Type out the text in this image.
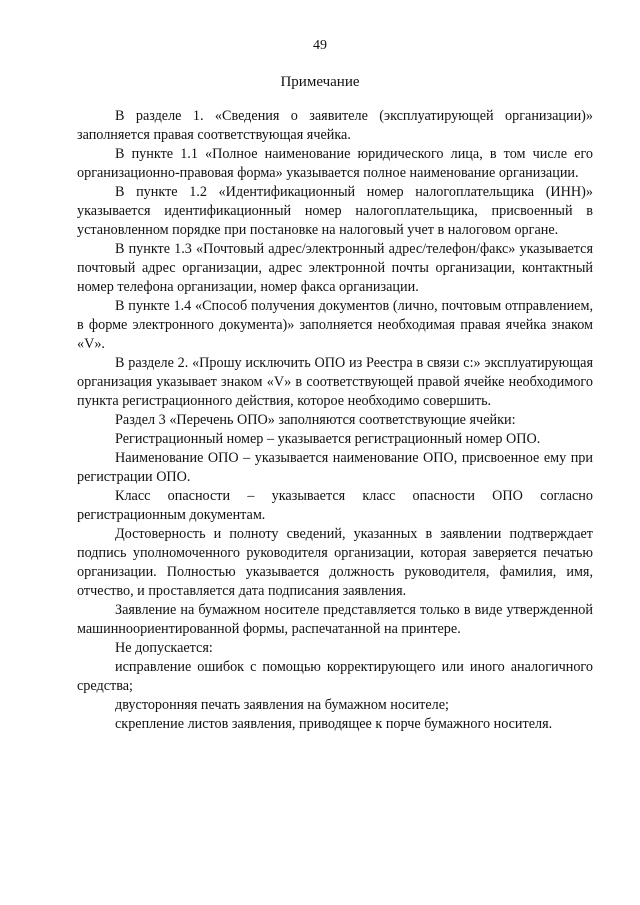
49
Примечание

В разделе 1. «Сведения о заявителе (эксплуатирующей организации)» заполняется правая соответствующая ячейка.

В пункте 1.1 «Полное наименование юридического лица, в том числе его организационно-правовая форма» указывается полное наименование организации.

В пункте 1.2 «Идентификационный номер налогоплательщика (ИНН)» указывается идентификационный номер налогоплательщика, присвоенный в установленном порядке при постановке на налоговый учет в налоговом органе.

В пункте 1.3 «Почтовый адрес/электронный адрес/телефон/факс» указывается почтовый адрес организации, адрес электронной почты организации, контактный номер телефона организации, номер факса организации.

В пункте 1.4 «Способ получения документов (лично, почтовым отправлением, в форме электронного документа)» заполняется необходимая правая ячейка знаком «V».

В разделе 2. «Прошу исключить ОПО из Реестра в связи с:» эксплуатирующая организация указывает знаком «V» в соответствующей правой ячейке необходимого пункта регистрационного действия, которое необходимо совершить.

Раздел 3 «Перечень ОПО» заполняются соответствующие ячейки:

Регистрационный номер – указывается регистрационный номер ОПО.

Наименование ОПО – указывается наименование ОПО, присвоенное ему при регистрации ОПО.

Класс опасности – указывается класс опасности ОПО согласно регистрационным документам.

Достоверность и полноту сведений, указанных в заявлении подтверждает подпись уполномоченного руководителя организации, которая заверяется печатью организации. Полностью указывается должность руководителя, фамилия, имя, отчество, и проставляется дата подписания заявления.

Заявление на бумажном носителе представляется только в виде утвержденной машинноориентированной формы, распечатанной на принтере.

Не допускается:

исправление ошибок с помощью корректирующего или иного аналогичного средства;

двусторонняя печать заявления на бумажном носителе;

скрепление листов заявления, приводящее к порче бумажного носителя.
